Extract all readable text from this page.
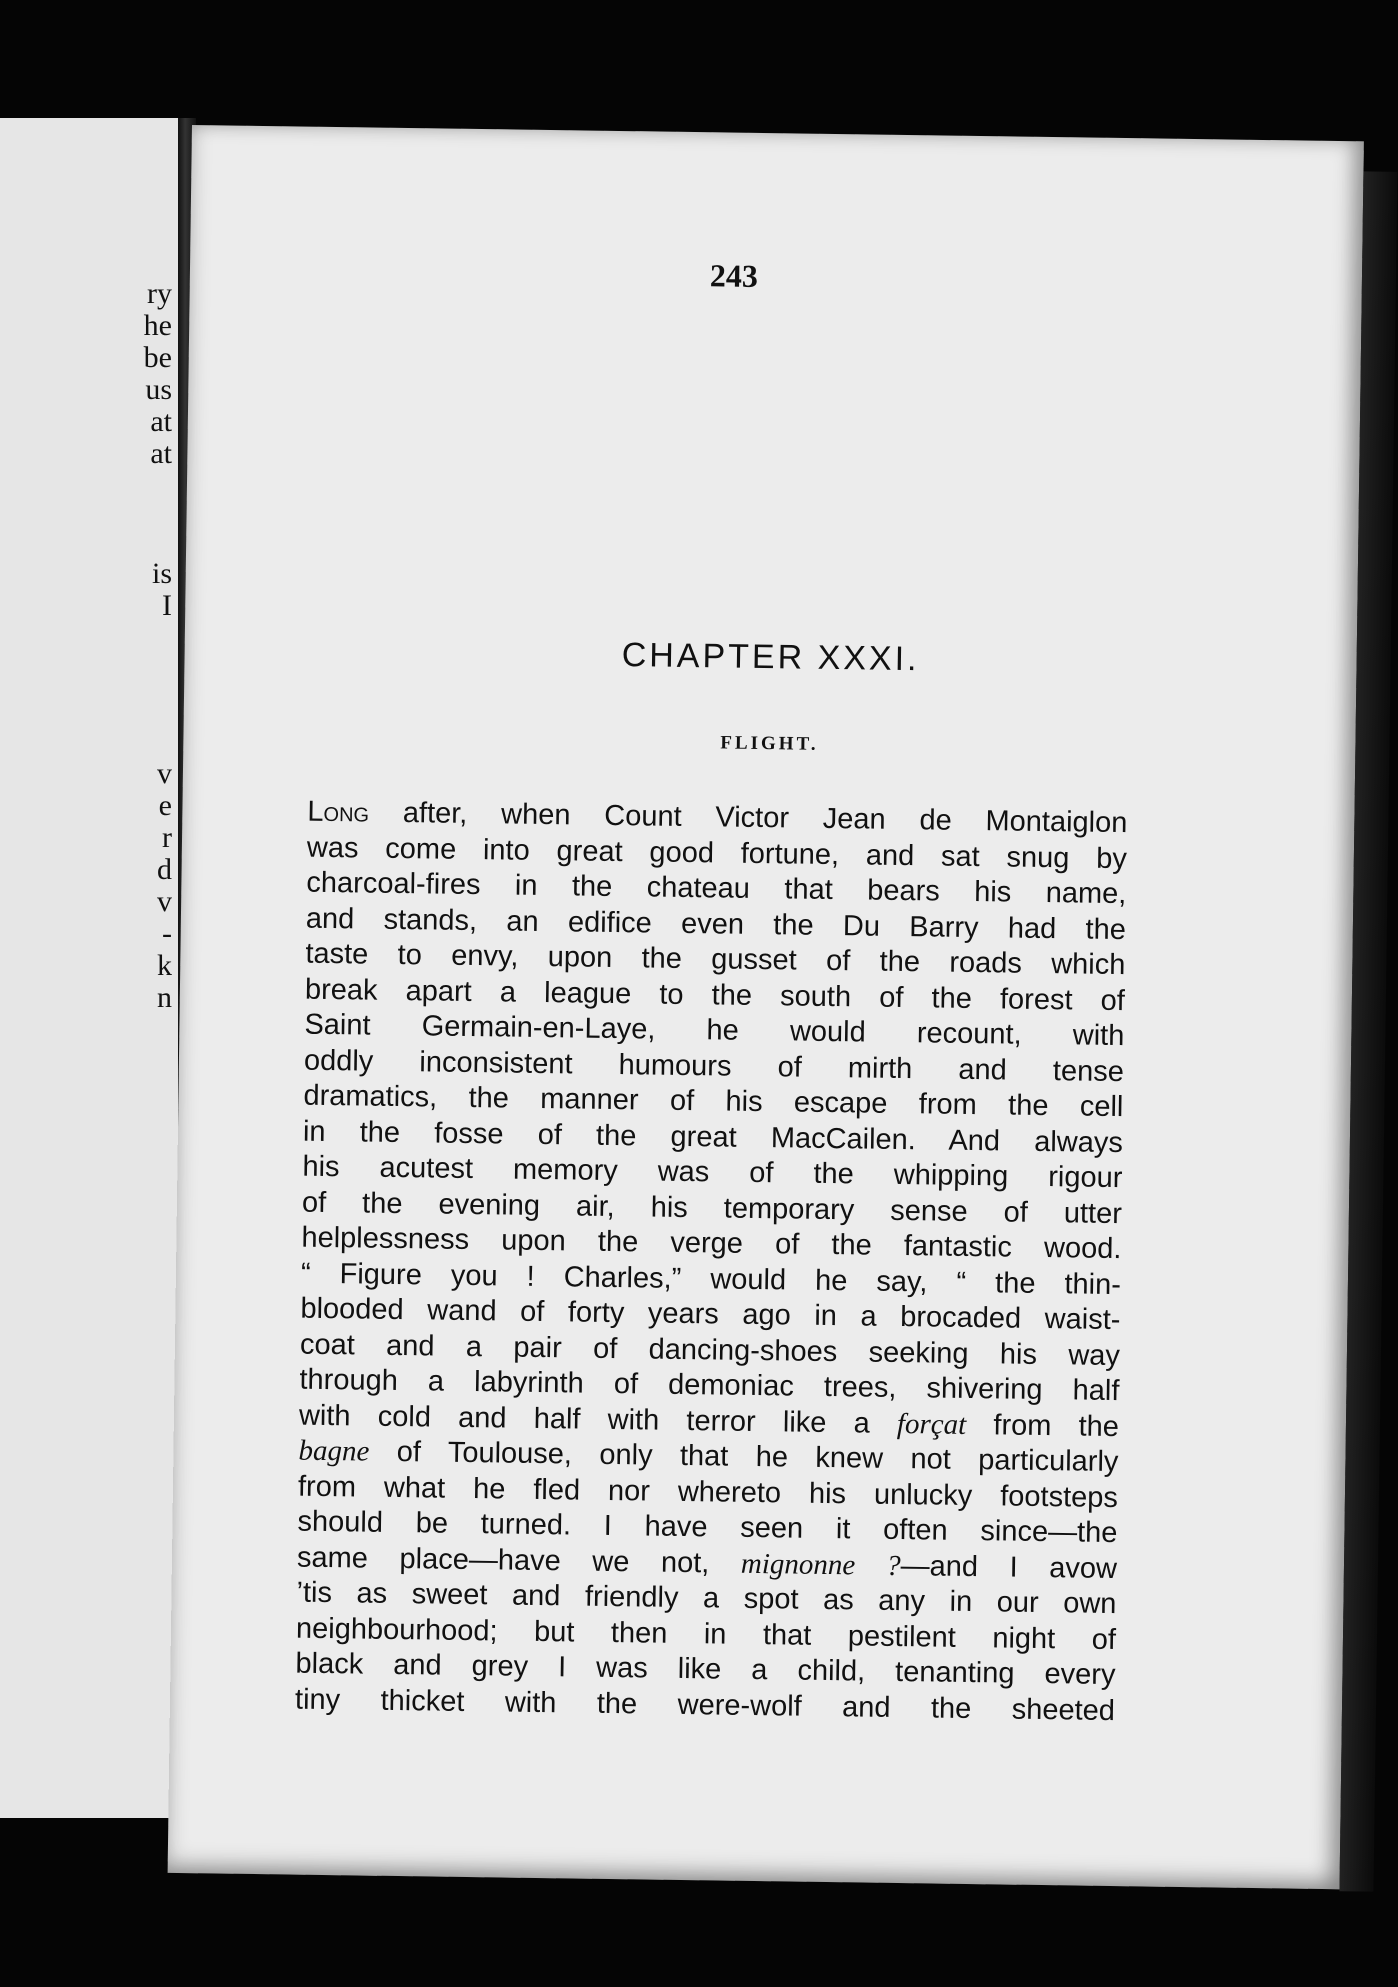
ry
he
be
us
at
at
is
I
v
e
r
d
v
-
k
n
243
CHAPTER XXXI.
FLIGHT.
Long after, when Count Victor Jean de Montaiglon
was come into great good fortune, and sat snug by
charcoal-fires in the chateau that bears his name,
and stands, an edifice even the Du Barry had the
taste to envy, upon the gusset of the roads which
break apart a league to the south of the forest of
Saint Germain-en-Laye, he would recount, with
oddly inconsistent humours of mirth and tense
dramatics, the manner of his escape from the cell
in the fosse of the great MacCailen. And always
his acutest memory was of the whipping rigour
of the evening air, his temporary sense of utter
helplessness upon the verge of the fantastic wood.
“ Figure you ! Charles,” would he say, “ the thin-
blooded wand of forty years ago in a brocaded waist-
coat and a pair of dancing-shoes seeking his way
through a labyrinth of demoniac trees, shivering half
with cold and half with terror like a forçat from the
bagne of Toulouse, only that he knew not particularly
from what he fled nor whereto his unlucky footsteps
should be turned. I have seen it often since—the
same place—have we not, mignonne ?—and I avow
’tis as sweet and friendly a spot as any in our own
neighbourhood; but then in that pestilent night of
black and grey I was like a child, tenanting every
tiny thicket with the were-wolf and the sheeted
